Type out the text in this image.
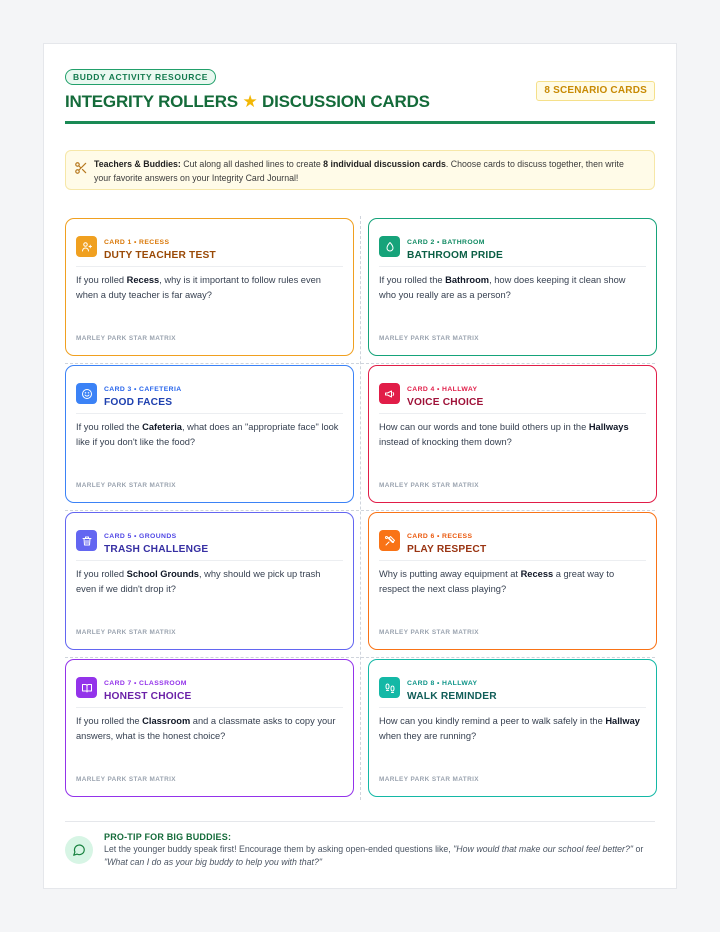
BUDDY ACTIVITY RESOURCE
INTEGRITY ROLLERS ★ DISCUSSION CARDS
8 SCENARIO CARDS
Teachers & Buddies: Cut along all dashed lines to create 8 individual discussion cards. Choose cards to discuss together, then write your favorite answers on your Integrity Card Journal!
CARD 1 • RECESS
DUTY TEACHER TEST
If you rolled Recess, why is it important to follow rules even when a duty teacher is far away?
MARLEY PARK STAR MATRIX
CARD 2 • BATHROOM
BATHROOM PRIDE
If you rolled the Bathroom, how does keeping it clean show who you really are as a person?
MARLEY PARK STAR MATRIX
CARD 3 • CAFETERIA
FOOD FACES
If you rolled the Cafeteria, what does an "appropriate face" look like if you don't like the food?
MARLEY PARK STAR MATRIX
CARD 4 • HALLWAY
VOICE CHOICE
How can our words and tone build others up in the Hallways instead of knocking them down?
MARLEY PARK STAR MATRIX
CARD 5 • GROUNDS
TRASH CHALLENGE
If you rolled School Grounds, why should we pick up trash even if we didn't drop it?
MARLEY PARK STAR MATRIX
CARD 6 • RECESS
PLAY RESPECT
Why is putting away equipment at Recess a great way to respect the next class playing?
MARLEY PARK STAR MATRIX
CARD 7 • CLASSROOM
HONEST CHOICE
If you rolled the Classroom and a classmate asks to copy your answers, what is the honest choice?
MARLEY PARK STAR MATRIX
CARD 8 • HALLWAY
WALK REMINDER
How can you kindly remind a peer to walk safely in the Hallway when they are running?
MARLEY PARK STAR MATRIX
PRO-TIP FOR BIG BUDDIES:
Let the younger buddy speak first! Encourage them by asking open-ended questions like, "How would that make our school feel better?" or "What can I do as your big buddy to help you with that?"
